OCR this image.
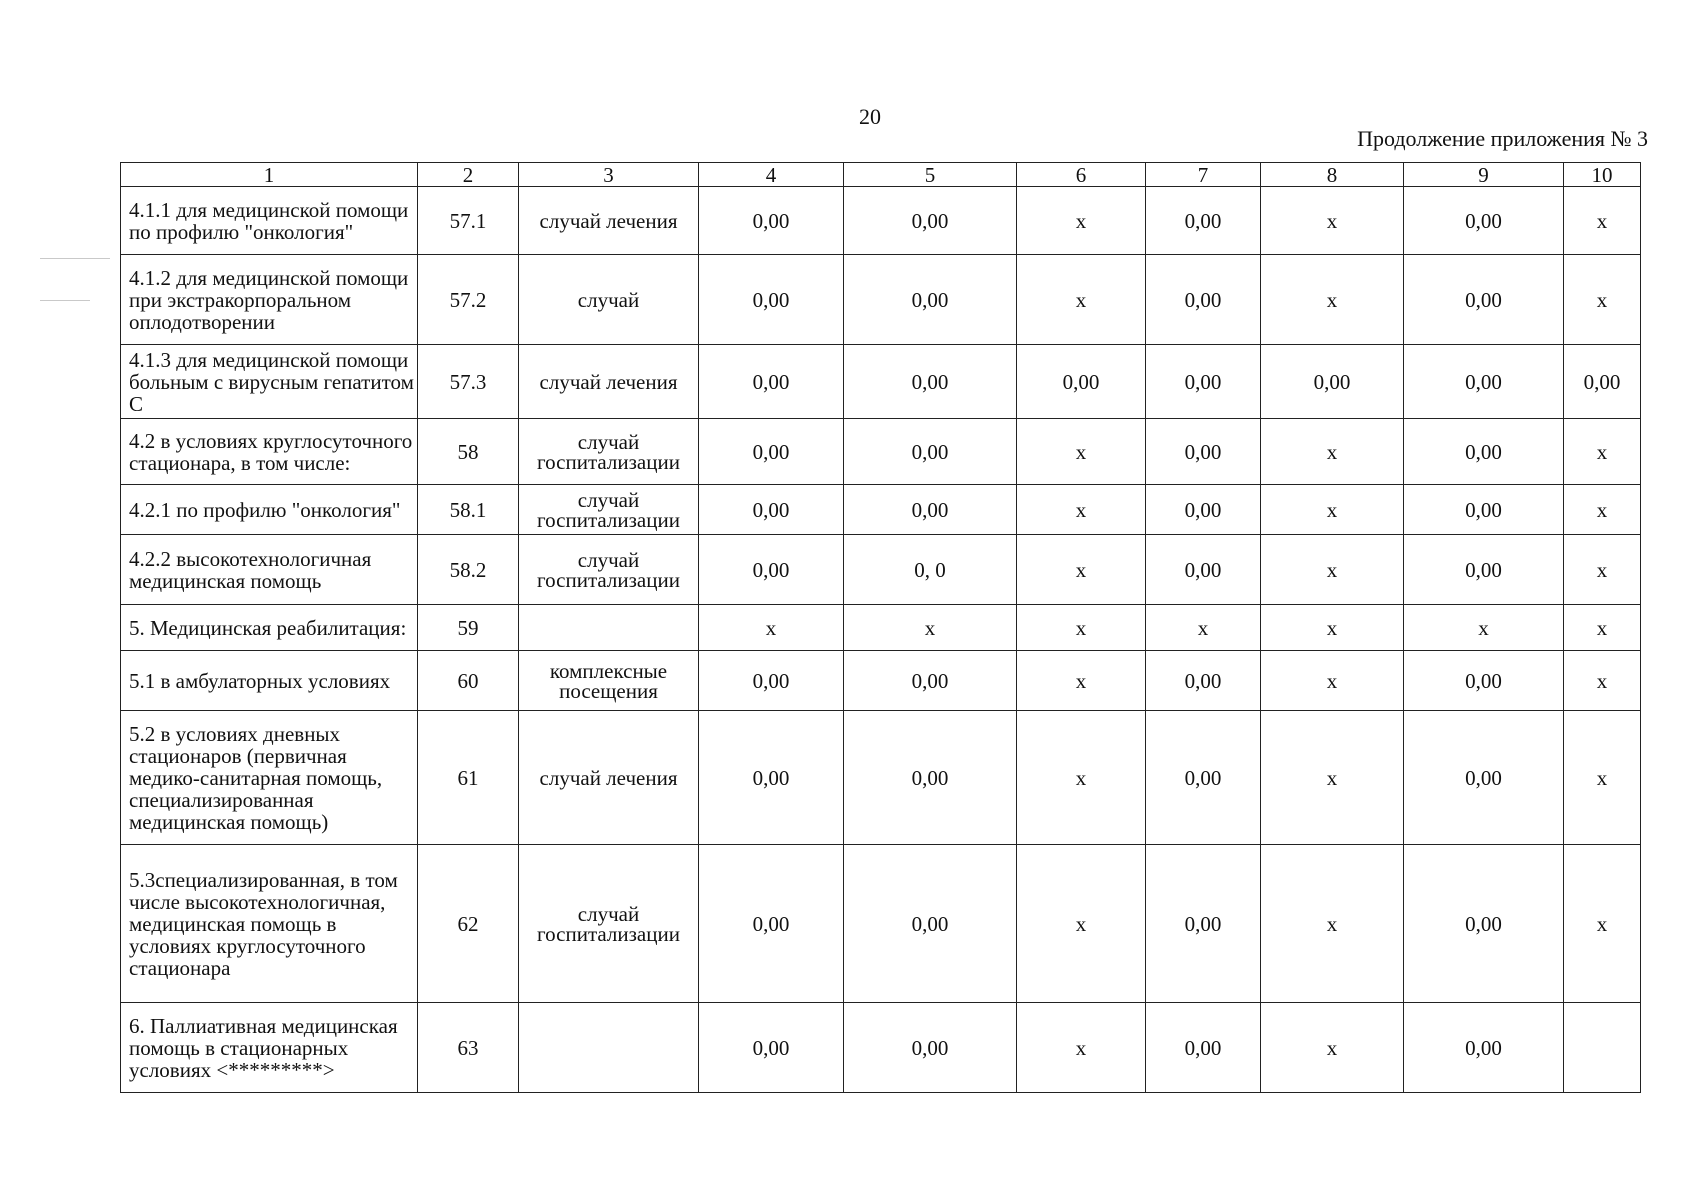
20
Продолжение приложения № 3
1	2	3	4	5	6	7	8	9	10
4.1.1 для медицинской помощи по профилю "онкология"	57.1	случай лечения	0,00	0,00	х	0,00	х	0,00	х
4.1.2 для медицинской помощи при экстракорпоральном оплодотворении	57.2	случай	0,00	0,00	х	0,00	х	0,00	х
4.1.3 для медицинской помощи больным с вирусным гепатитом С	57.3	случай лечения	0,00	0,00	0,00	0,00	0,00	0,00	0,00
4.2 в условиях круглосуточного стационара, в том числе:	58	случай госпитализации	0,00	0,00	х	0,00	х	0,00	х
4.2.1 по профилю "онкология"	58.1	случай госпитализации	0,00	0,00	х	0,00	х	0,00	х
4.2.2 высокотехнологичная медицинская помощь	58.2	случай госпитализации	0,00	0, 0	х	0,00	х	0,00	х
5. Медицинская реабилитация:	59		х	х	х	х	х	х	х
5.1 в амбулаторных условиях	60	комплексные посещения	0,00	0,00	х	0,00	х	0,00	х
5.2 в условиях дневных стационаров (первичная медико-санитарная помощь, специализированная медицинская помощь)	61	случай лечения	0,00	0,00	х	0,00	х	0,00	х
5.3специализированная, в том числе высокотехнологичная, медицинская помощь в условиях круглосуточного стационара	62	случай госпитализации	0,00	0,00	х	0,00	х	0,00	х
6. Паллиативная медицинская помощь в стационарных условиях <*********>	63		0,00	0,00	х	0,00	х	0,00	
